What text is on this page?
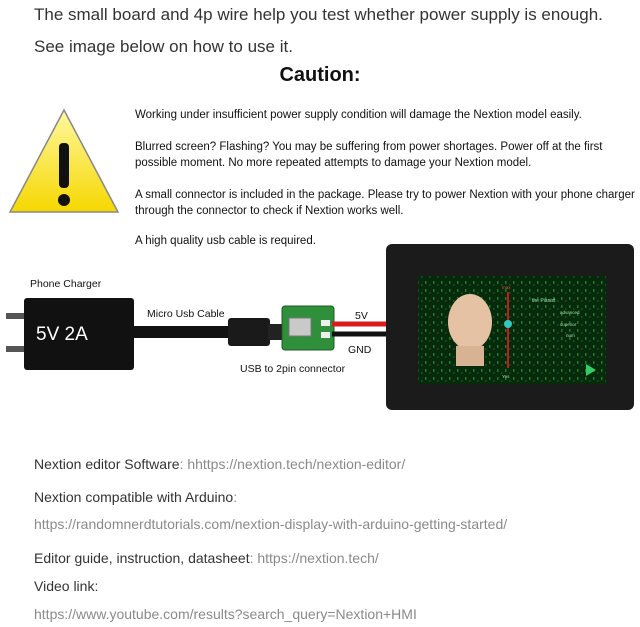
The small board and 4p wire help you test whether power supply is enough.
See image below on how to use it.
Caution:
Working under insufficient power supply condition will damage the Nextion model easily.
Blurred screen? Flashing? You may be suffering from power shortages. Power off at the first possible moment. No more repeated attempts to damage your Nextion model.
A small connector is included in the package. Please try to power Nextion with your phone charger through the connector to check if Nextion works well.
A high quality usb cable is required.
Phone Charger
5V 2A
Micro Usb Cable
USB to 2pin connector
5V
GND
the Pianist
advanced
superior
num
max
Yes
Nextion editor Software: hhttps://nextion.tech/nextion-editor/
Nextion compatible with Arduino:
https://randomnerdtutorials.com/nextion-display-with-arduino-getting-started/
Editor guide, instruction, datasheet: https://nextion.tech/
Video link:
https://www.youtube.com/results?search_query=Nextion+HMI
